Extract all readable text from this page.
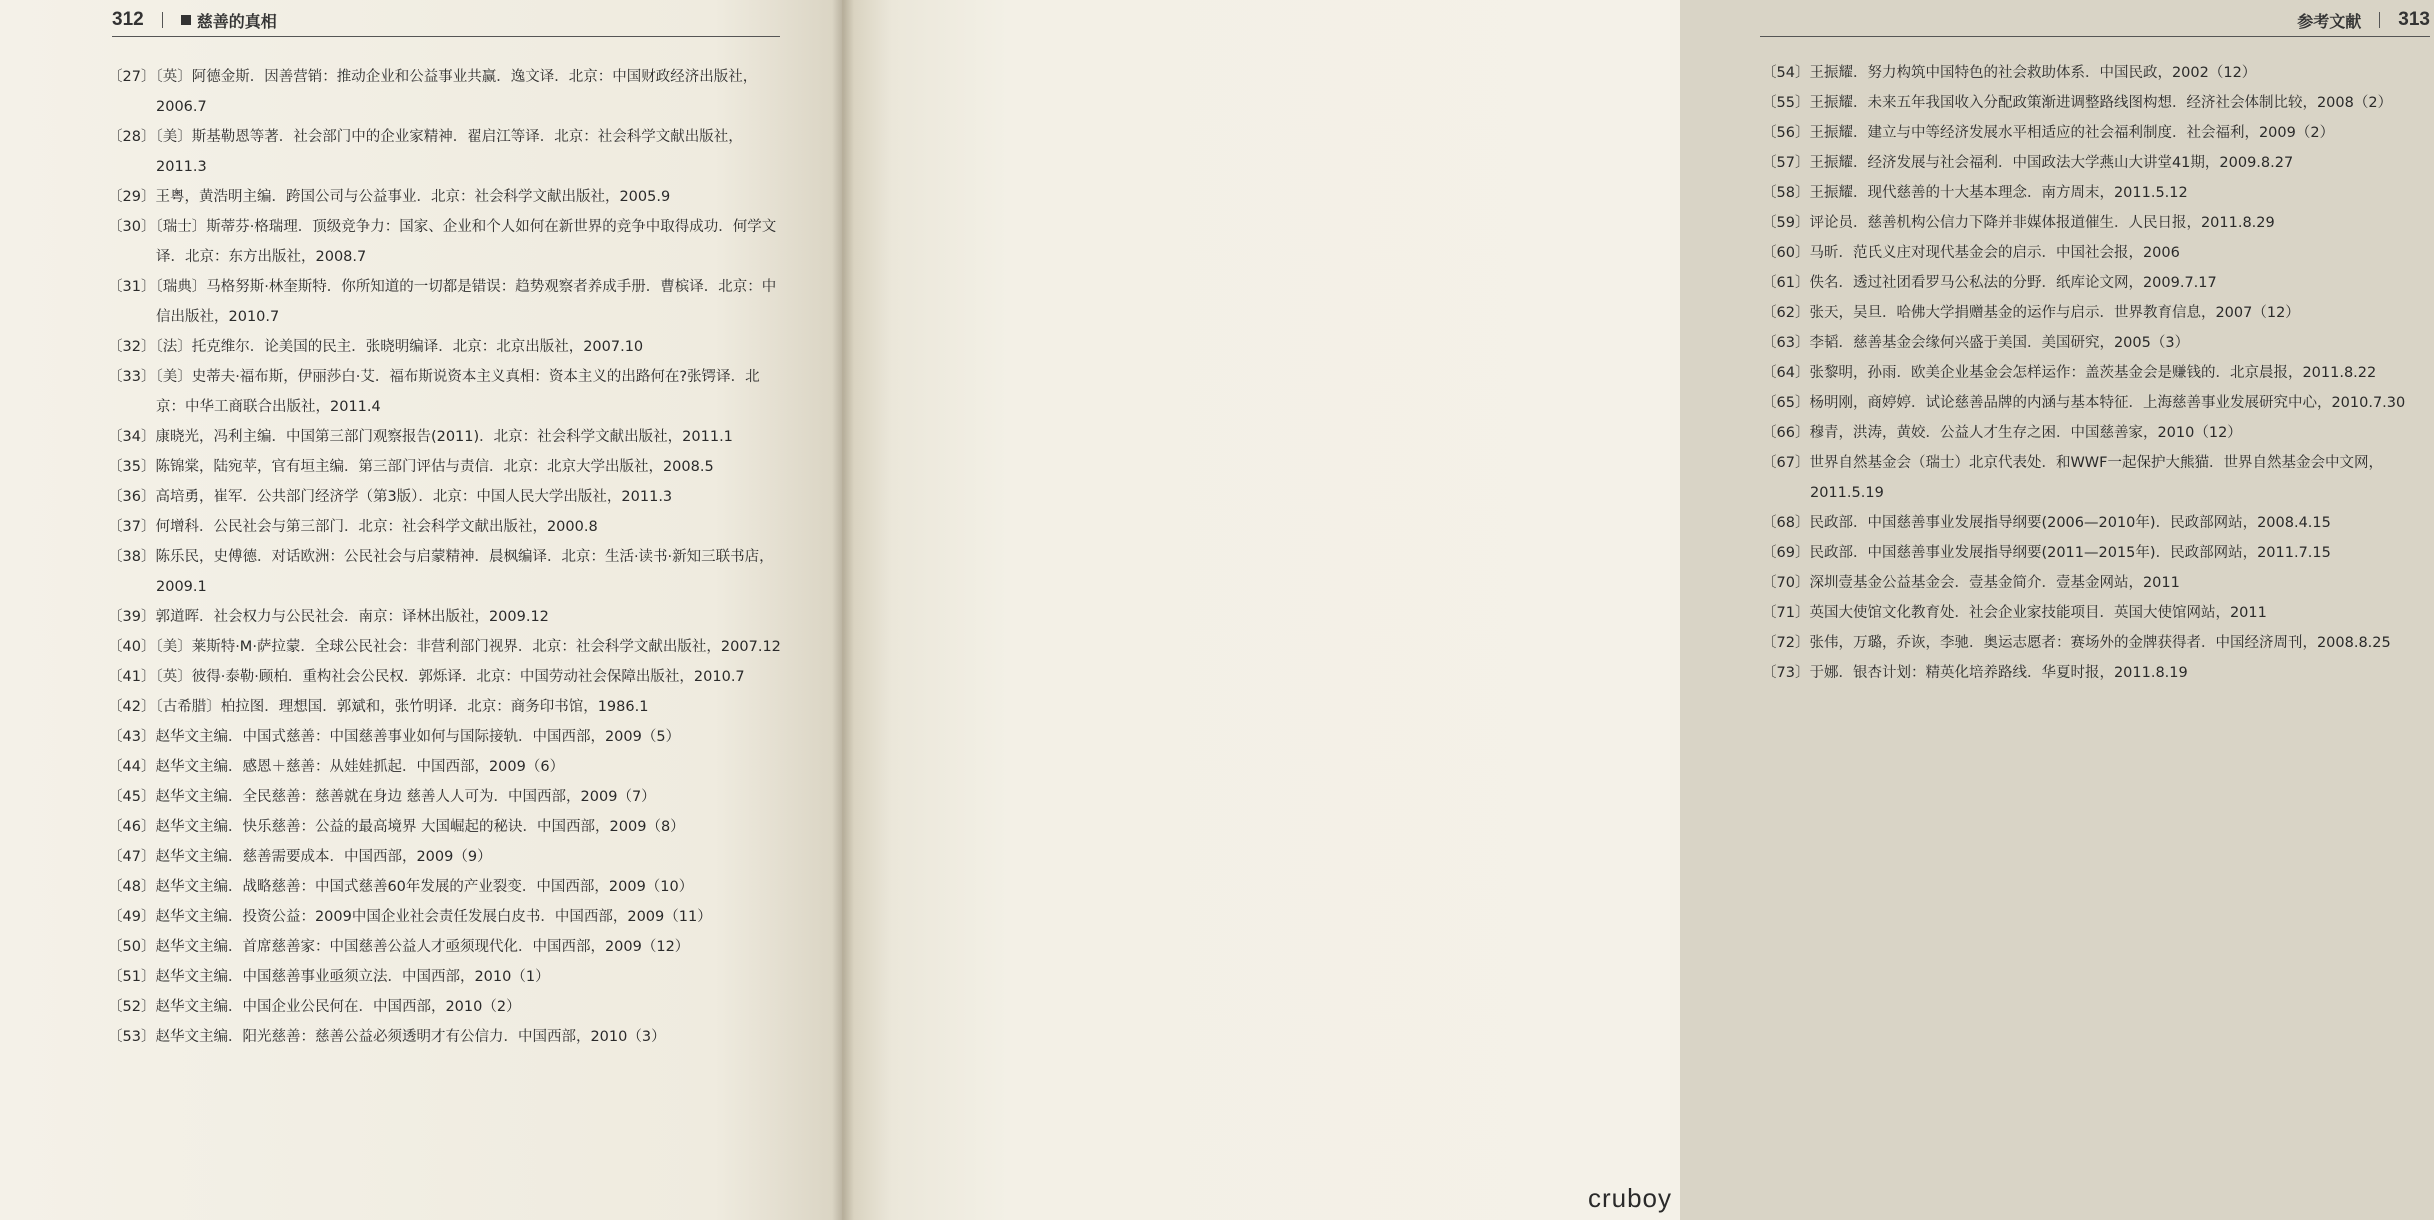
312	慈善的真相
〔27〕〔英〕阿德金斯．因善营销：推动企业和公益事业共赢．逸文译．北京：中国财政经济出版社，2006.7
〔28〕〔美〕斯基勒恩等著．社会部门中的企业家精神．翟启江等译．北京：社会科学文献出版社，2011.3
〔29〕王粤，黄浩明主编．跨国公司与公益事业．北京：社会科学文献出版社，2005.9
〔30〕〔瑞士〕斯蒂芬·格瑞理．顶级竞争力：国家、企业和个人如何在新世界的竞争中取得成功．何学文译．北京：东方出版社，2008.7
〔31〕〔瑞典〕马格努斯·林奎斯特．你所知道的一切都是错误：趋势观察者养成手册．曹槟译．北京：中信出版社，2010.7
〔32〕〔法〕托克维尔．论美国的民主．张晓明编译．北京：北京出版社，2007.10
〔33〕〔美〕史蒂夫·福布斯，伊丽莎白·艾．福布斯说资本主义真相：资本主义的出路何在?张锷译．北京：中华工商联合出版社，2011.4
〔34〕康晓光，冯利主编．中国第三部门观察报告(2011)．北京：社会科学文献出版社，2011.1
〔35〕陈锦棠，陆宛苹，官有垣主编．第三部门评估与责信．北京：北京大学出版社，2008.5
〔36〕高培勇，崔军．公共部门经济学（第3版）．北京：中国人民大学出版社，2011.3
〔37〕何增科．公民社会与第三部门．北京：社会科学文献出版社，2000.8
〔38〕陈乐民，史傅德．对话欧洲：公民社会与启蒙精神．晨枫编译．北京：生活·读书·新知三联书店，2009.1
〔39〕郭道晖．社会权力与公民社会．南京：译林出版社，2009.12
〔40〕〔美〕莱斯特·M·萨拉蒙．全球公民社会：非营利部门视界．北京：社会科学文献出版社，2007.12
〔41〕〔英〕彼得·泰勒·顾柏．重构社会公民权．郭烁译．北京：中国劳动社会保障出版社，2010.7
〔42〕〔古希腊〕柏拉图．理想国．郭斌和，张竹明译．北京：商务印书馆，1986.1
〔43〕赵华文主编．中国式慈善：中国慈善事业如何与国际接轨．中国西部，2009（5）
〔44〕赵华文主编．感恩＋慈善：从娃娃抓起．中国西部，2009（6）
〔45〕赵华文主编．全民慈善：慈善就在身边 慈善人人可为．中国西部，2009（7）
〔46〕赵华文主编．快乐慈善：公益的最高境界 大国崛起的秘诀．中国西部，2009（8）
〔47〕赵华文主编．慈善需要成本．中国西部，2009（9）
〔48〕赵华文主编．战略慈善：中国式慈善60年发展的产业裂变．中国西部，2009（10）
〔49〕赵华文主编．投资公益：2009中国企业社会责任发展白皮书．中国西部，2009（11）
〔50〕赵华文主编．首席慈善家：中国慈善公益人才亟须现代化．中国西部，2009（12）
〔51〕赵华文主编．中国慈善事业亟须立法．中国西部，2010（1）
〔52〕赵华文主编．中国企业公民何在．中国西部，2010（2）
〔53〕赵华文主编．阳光慈善：慈善公益必须透明才有公信力．中国西部，2010（3）
参考文献 313
〔54〕王振耀．努力构筑中国特色的社会救助体系．中国民政，2002（12）
〔55〕王振耀．未来五年我国收入分配政策渐进调整路线图构想．经济社会体制比较，2008（2）
〔56〕王振耀．建立与中等经济发展水平相适应的社会福利制度．社会福利，2009（2）
〔57〕王振耀．经济发展与社会福利．中国政法大学燕山大讲堂41期，2009.8.27
〔58〕王振耀．现代慈善的十大基本理念．南方周末，2011.5.12
〔59〕评论员．慈善机构公信力下降并非媒体报道催生．人民日报，2011.8.29
〔60〕马昕．范氏义庄对现代基金会的启示．中国社会报，2006
〔61〕佚名．透过社团看罗马公私法的分野．纸库论文网，2009.7.17
〔62〕张天，吴旦．哈佛大学捐赠基金的运作与启示．世界教育信息，2007（12）
〔63〕李韬．慈善基金会缘何兴盛于美国．美国研究，2005（3）
〔64〕张黎明，孙雨．欧美企业基金会怎样运作：盖茨基金会是赚钱的．北京晨报，2011.8.22
〔65〕杨明刚，商婷婷．试论慈善品牌的内涵与基本特征．上海慈善事业发展研究中心，2010.7.30
〔66〕穆青，洪涛，黄姣．公益人才生存之困．中国慈善家，2010（12）
〔67〕世界自然基金会（瑞士）北京代表处．和WWF一起保护大熊猫．世界自然基金会中文网，2011.5.19
〔68〕民政部．中国慈善事业发展指导纲要(2006—2010年)．民政部网站，2008.4.15
〔69〕民政部．中国慈善事业发展指导纲要(2011—2015年)．民政部网站，2011.7.15
〔70〕深圳壹基金公益基金会．壹基金简介．壹基金网站，2011
〔71〕英国大使馆文化教育处．社会企业家技能项目．英国大使馆网站，2011
〔72〕张伟，万璐，乔诙，李驰．奥运志愿者：赛场外的金牌获得者．中国经济周刊，2008.8.25
〔73〕于娜．银杏计划：精英化培养路线．华夏时报，2011.8.19
cruboy
